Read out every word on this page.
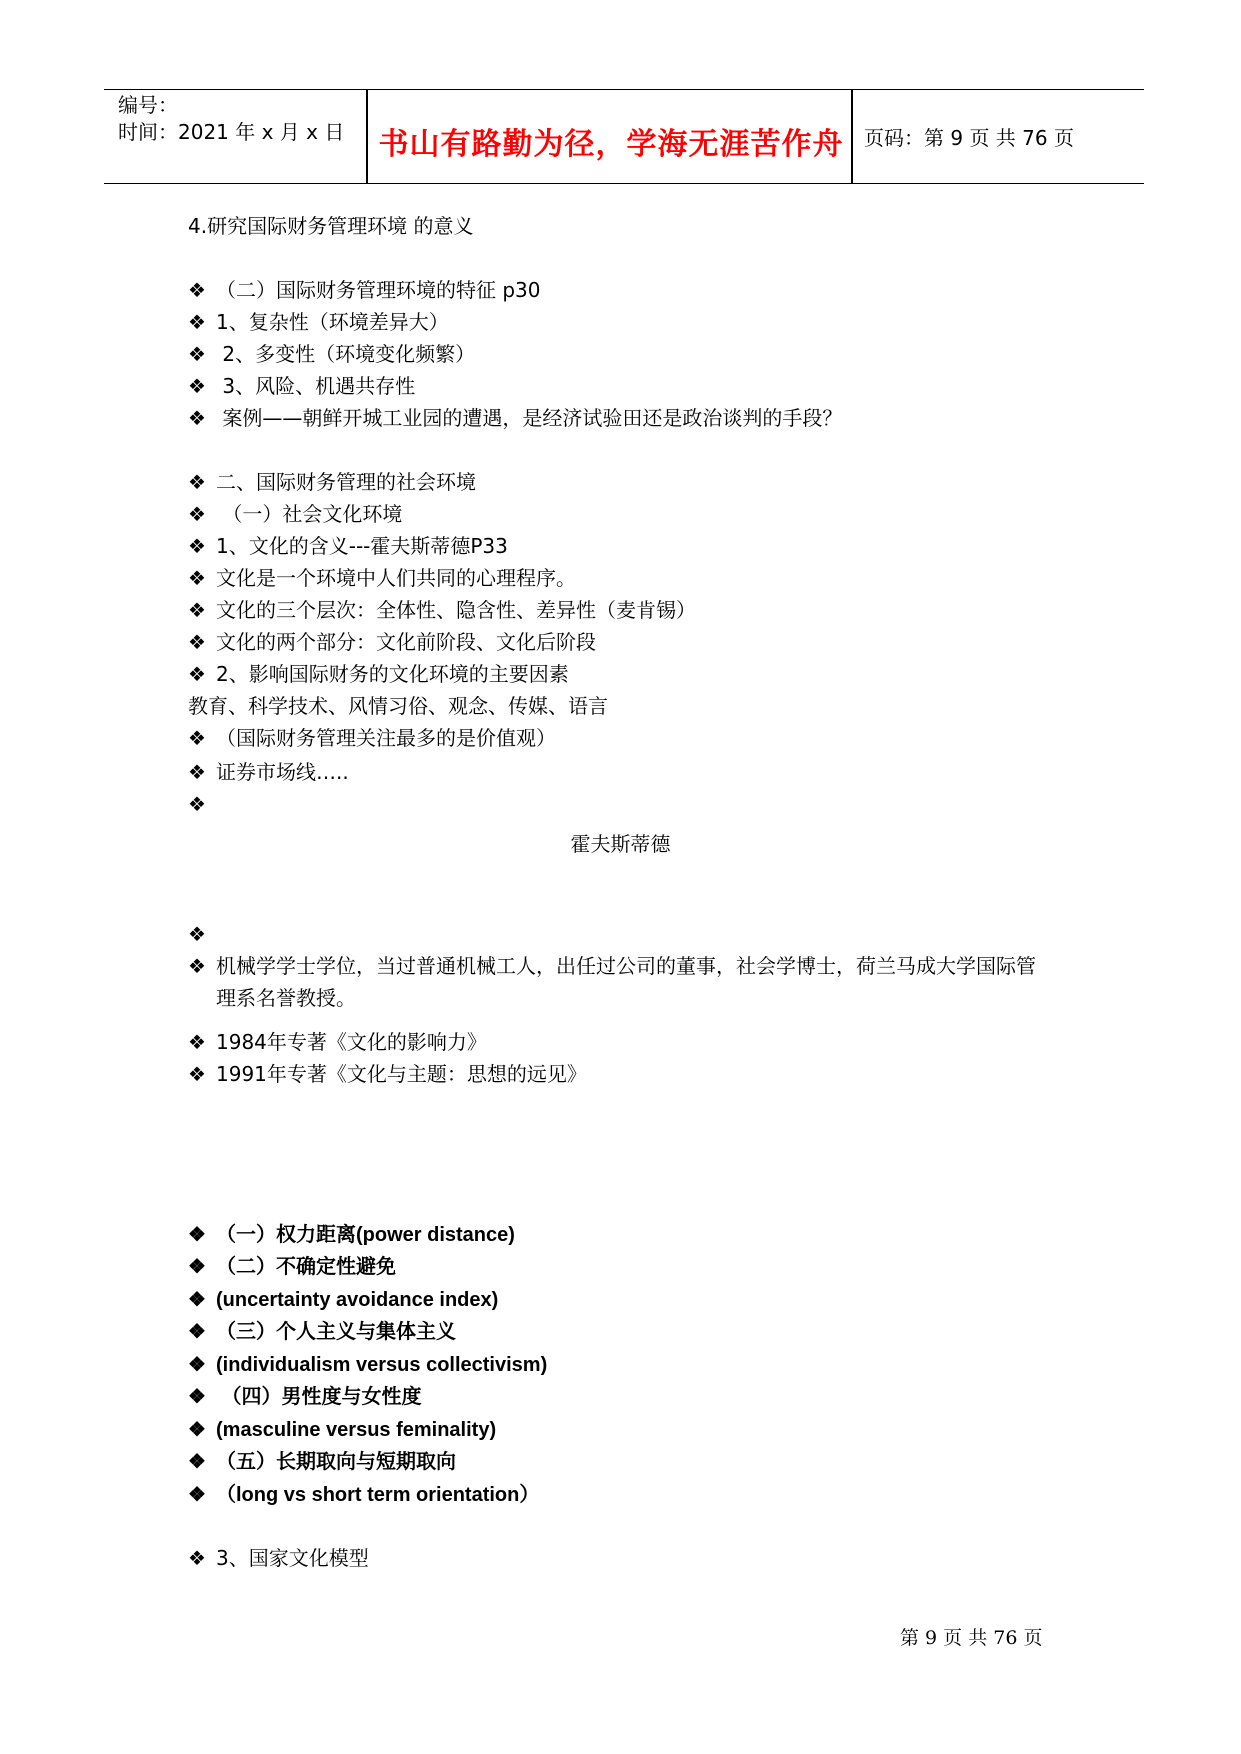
编号：
时间：2021 年 x 月 x 日 书山有路勤为径，学海无涯苦作舟 页码：第 9 页 共 76 页
4.研究国际财务管理环境 的意义
❖ （二）国际财务管理环境的特征 p30
❖ 1、复杂性（环境差异大）
❖ 2、多变性（环境变化频繁）
❖ 3、风险、机遇共存性
❖ 案例——朝鲜开城工业园的遭遇，是经济试验田还是政治谈判的手段？
❖ 二、国际财务管理的社会环境
❖ （一）社会文化环境
❖ 1、文化的含义---霍夫斯蒂德P33
❖ 文化是一个环境中人们共同的心理程序。
❖ 文化的三个层次：全体性、隐含性、差异性（麦肯锡）
❖ 文化的两个部分：文化前阶段、文化后阶段
❖ 2、影响国际财务的文化环境的主要因素
教育、科学技术、风情习俗、观念、传媒、语言
❖ （国际财务管理关注最多的是价值观）
❖ 证券市场线…..
❖
霍夫斯蒂德
❖
❖ 机械学学士学位，当过普通机械工人，出任过公司的董事，社会学博士，荷兰马成大学国际管理系名誉教授。
❖ 1984年专著《文化的影响力》
❖ 1991年专著《文化与主题：思想的远见》
❖ （一）权力距离(power distance)
❖ （二）不确定性避免
❖ (uncertainty avoidance index)
❖ （三）个人主义与集体主义
❖ (individualism versus collectivism)
❖ （四）男性度与女性度
❖ (masculine versus feminality)
❖ （五）长期取向与短期取向
❖ （long vs short term orientation）
❖ 3、国家文化模型
第 9 页 共 76 页
